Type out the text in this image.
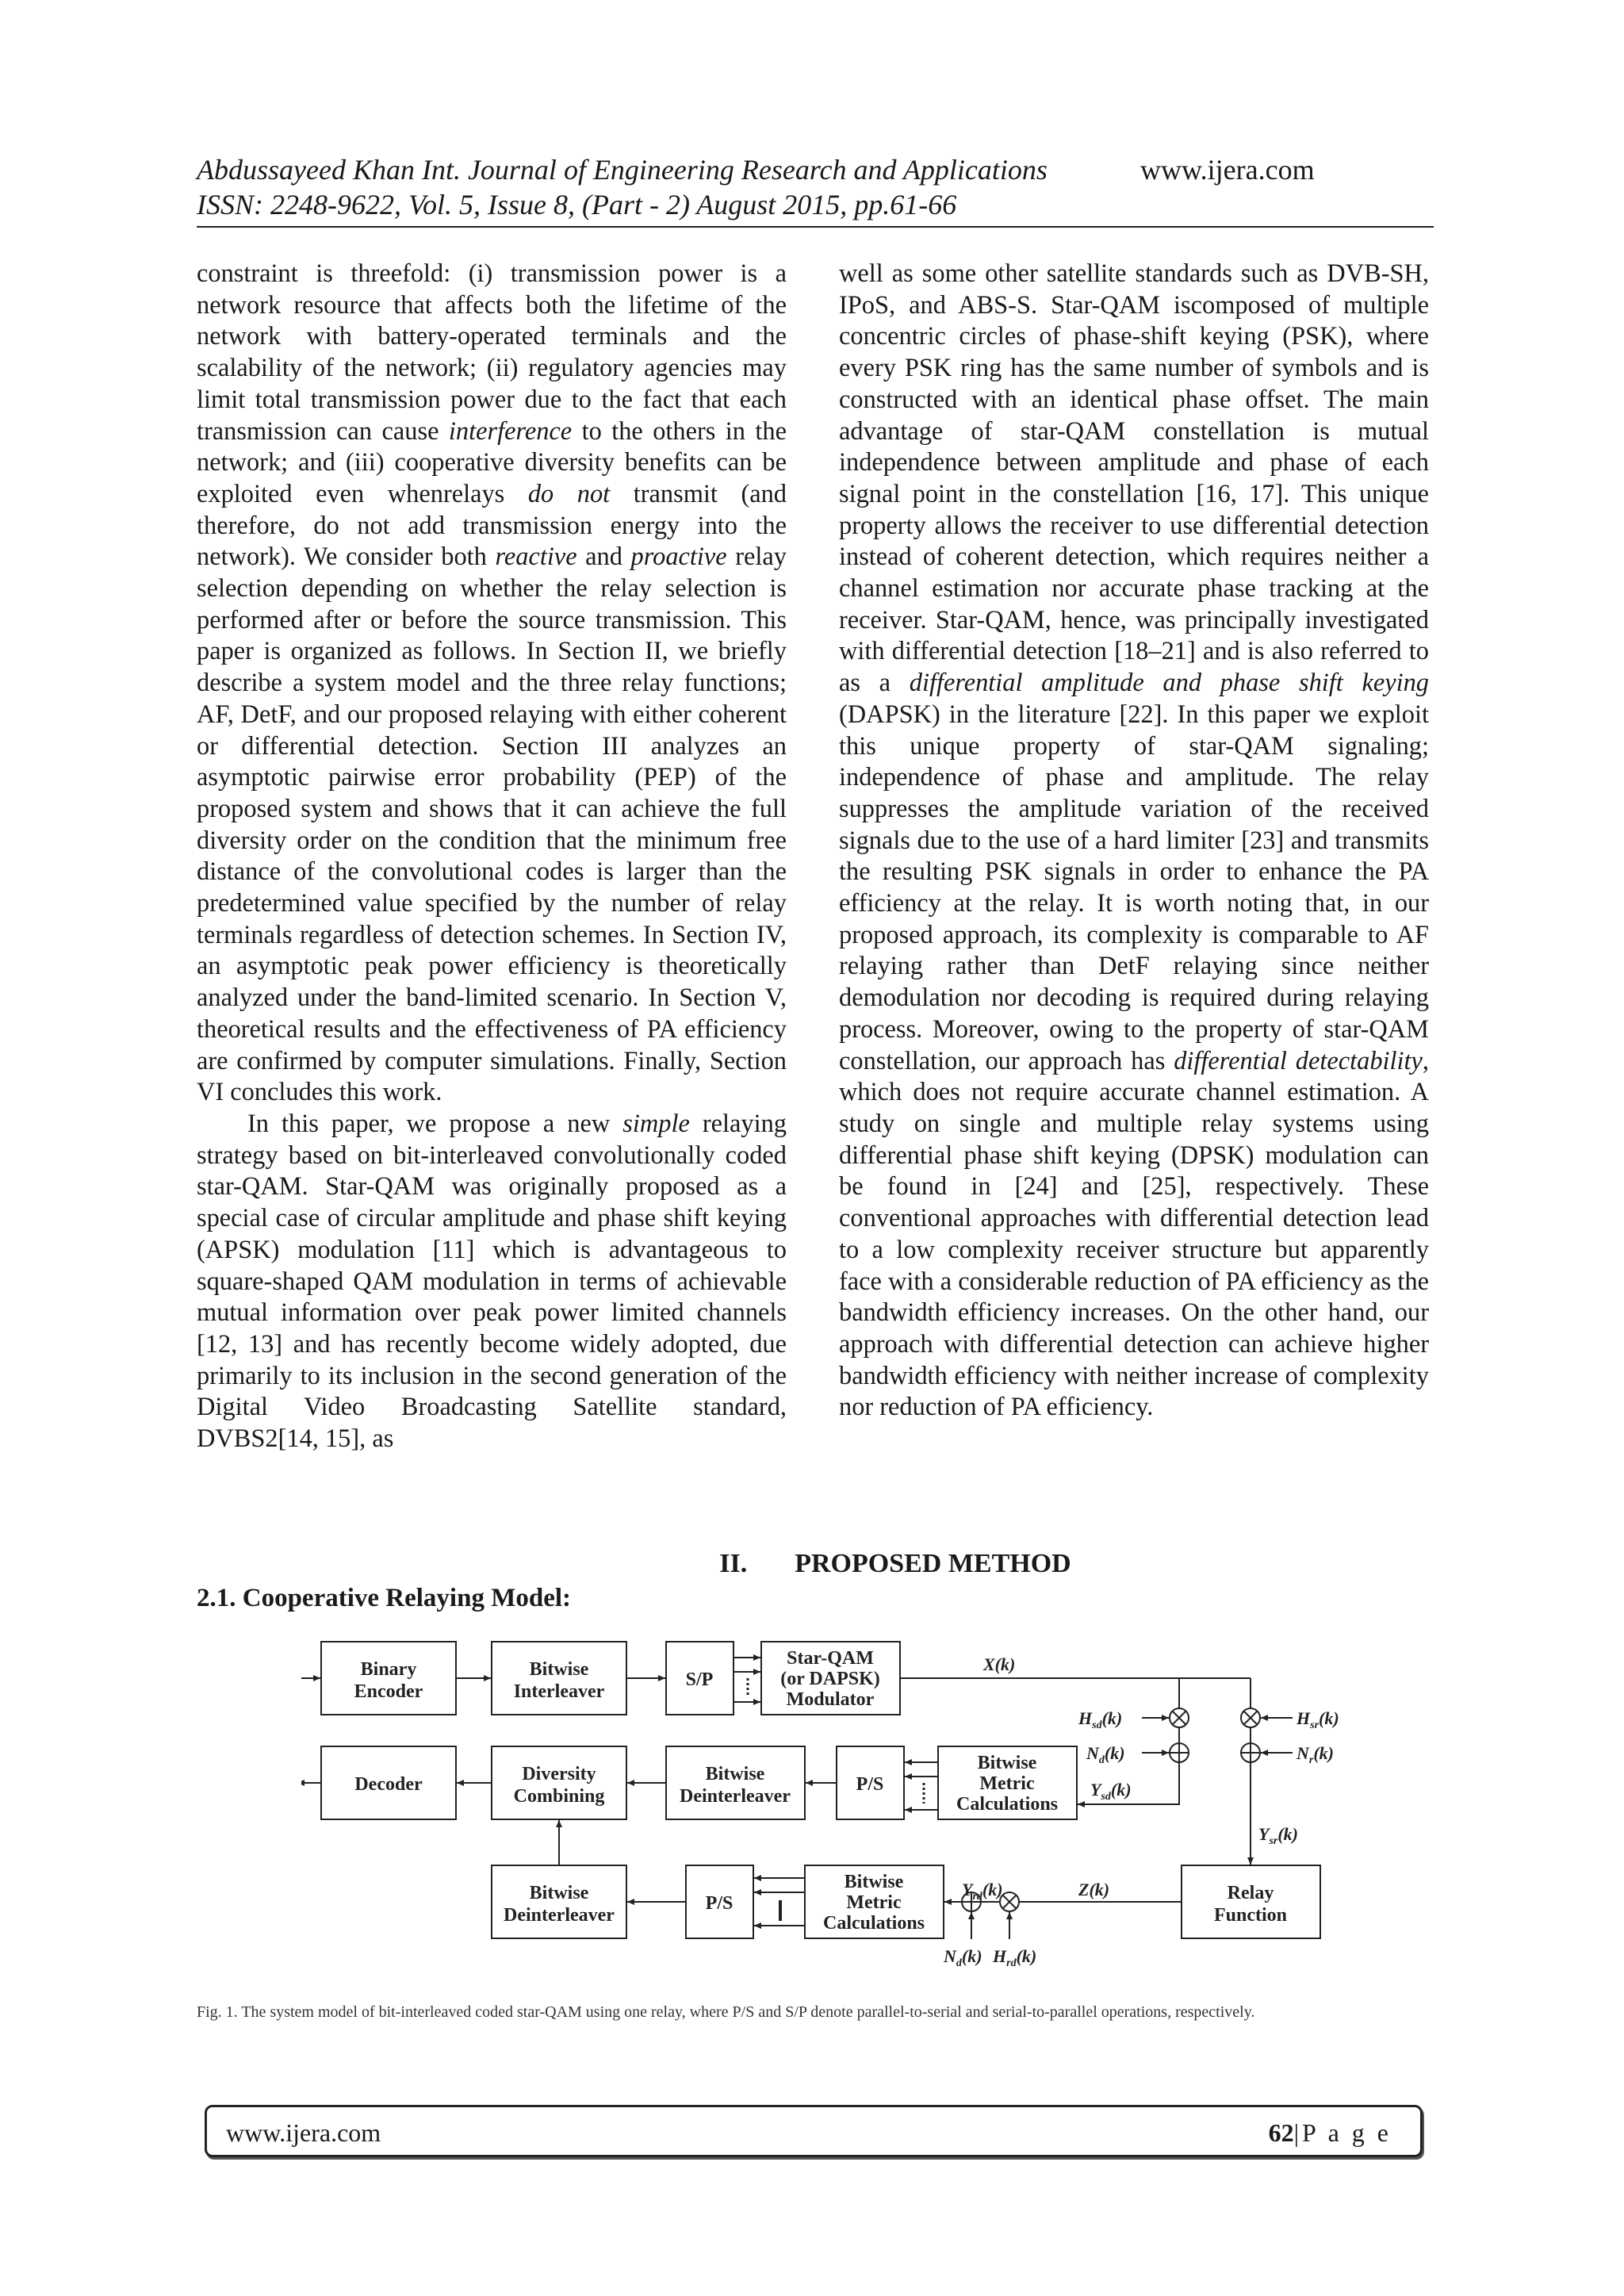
Abdussayeed Khan Int. Journal of Engineering Research and Applications	www.ijera.com
ISSN: 2248-9622, Vol. 5, Issue 8, (Part - 2) August 2015, pp.61-66

constraint is threefold: (i) transmission power is a network resource that affects both the lifetime of the network with battery-operated terminals and the scalability of the network; (ii) regulatory agencies may limit total transmission power due to the fact that each transmission can cause interference to the others in the network; and (iii) cooperative diversity benefits can be exploited even whenrelays do not transmit (and therefore, do not add transmission energy into the network). We consider both reactive and proactive relay selection depending on whether the relay selection is performed after or before the source transmission. This paper is organized as follows. In Section II, we briefly describe a system model and the three relay functions; AF, DetF, and our proposed relaying with either coherent or differential detection. Section III analyzes an asymptotic pairwise error probability (PEP) of the proposed system and shows that it can achieve the full diversity order on the condition that the minimum free distance of the convolutional codes is larger than the predetermined value specified by the number of relay terminals regardless of detection schemes. In Section IV, an asymptotic peak power efficiency is theoretically analyzed under the band-limited scenario. In Section V, theoretical results and the effectiveness of PA efficiency are confirmed by computer simulations. Finally, Section VI concludes this work.

In this paper, we propose a new simple relaying strategy based on bit-interleaved convolutionally coded star-QAM. Star-QAM was originally proposed as a special case of circular amplitude and phase shift keying (APSK) modulation [11] which is advantageous to square-shaped QAM modulation in terms of achievable mutual information over peak power limited channels [12, 13] and has recently become widely adopted, due primarily to its inclusion in the second generation of the Digital Video Broadcasting Satellite standard, DVBS2[14, 15], as

well as some other satellite standards such as DVB-SH, IPoS, and ABS-S. Star-QAM iscomposed of multiple concentric circles of phase-shift keying (PSK), where every PSK ring has the same number of symbols and is constructed with an identical phase offset. The main advantage of star-QAM constellation is mutual independence between amplitude and phase of each signal point in the constellation [16, 17]. This unique property allows the receiver to use differential detection instead of coherent detection, which requires neither a channel estimation nor accurate phase tracking at the receiver. Star-QAM, hence, was principally investigated with differential detection [18–21] and is also referred to as a differential amplitude and phase shift keying (DAPSK) in the literature [22]. In this paper we exploit this unique property of star-QAM signaling; independence of phase and amplitude. The relay suppresses the amplitude variation of the received signals due to the use of a hard limiter [23] and transmits the resulting PSK signals in order to enhance the PA efficiency at the relay. It is worth noting that, in our proposed approach, its complexity is comparable to AF relaying rather than DetF relaying since neither demodulation nor decoding is required during relaying process. Moreover, owing to the property of star-QAM constellation, our approach has differential detectability, which does not require accurate channel estimation. A study on single and multiple relay systems using differential phase shift keying (DPSK) modulation can be found in [24] and [25], respectively. These conventional approaches with differential detection lead to a low complexity receiver structure but apparently face with a considerable reduction of PA efficiency as the bandwidth efficiency increases. On the other hand, our approach with differential detection can achieve higher bandwidth efficiency with neither increase of complexity nor reduction of PA efficiency.

II. PROPOSED METHOD
2.1. Cooperative Relaying Model:
Binary
Encoder
Bitwise
Interleaver
S/P
Star-QAM
(or DAPSK)
Modulator
Decoder	Diversity
Combining
Bitwise
Deinterleaver
P/S
Bitwise
Metric
Calculations
Bitwise
Deinterleaver
P/S
Bitwise
Metric
Calculations
Relay
Function
X(k)
$H_{sd}(k)$
$N_d(k)$
$Y_{sd}(k)$
$H_{sr}(k)$
$N_r(k)$
$Y_{sr}(k)$
Z(k)
$Y_{rd}(k)$
$N_d(k)$ $H_{rd}(k)$
Fig. 1. The system model of bit-interleaved coded star-QAM using one relay, where P/S and S/P denote parallel-to-serial and serial-to-parallel operations, respectively.
www.ijera.com	62|P a g e
